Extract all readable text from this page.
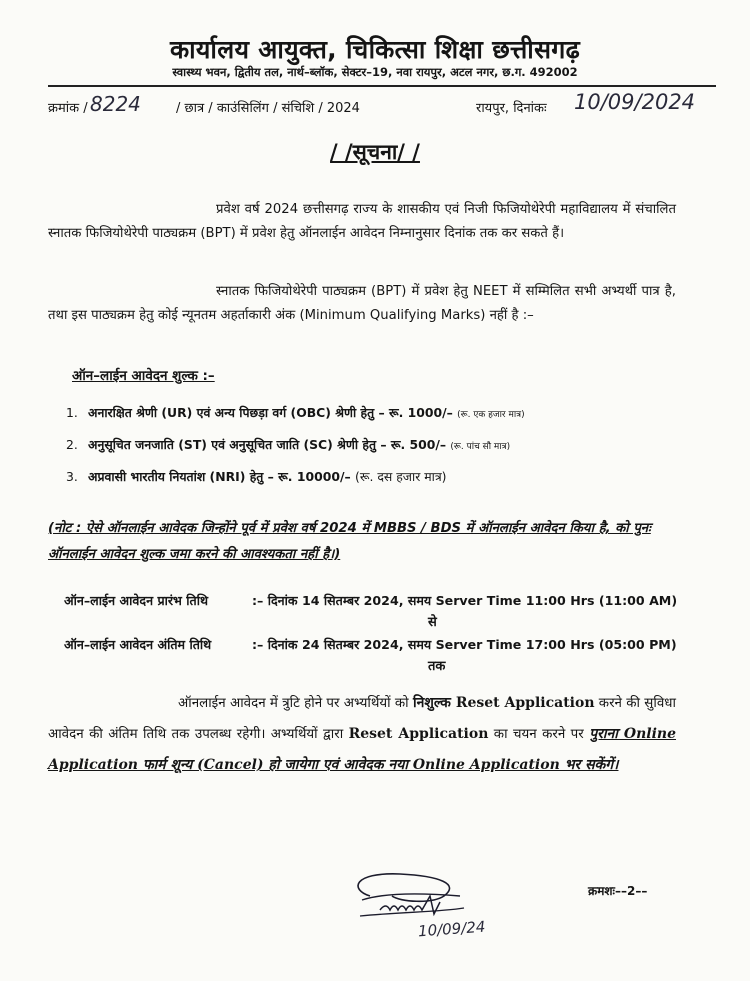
कार्यालय आयुक्त, चिकित्सा शिक्षा छत्तीसगढ़
स्वास्थ्य भवन, द्वितीय तल, नार्थ–ब्लॉक, सेक्टर–19, नवा रायपुर, अटल नगर, छ.ग. 492002
क्रमांक / 8224	/ छात्र / काउंसिलिंग / संचिशि / 2024	रायपुर, दिनांकः 10/09/2024
/ /सूचना/ /
प्रवेश वर्ष 2024 छत्तीसगढ़ राज्य के शासकीय एवं निजी फिजियोथेरेपी महाविद्यालय में संचालित स्नातक फिजियोथेरेपी पाठ्यक्रम (BPT) में प्रवेश हेतु ऑनलाईन आवेदन निम्नानुसार दिनांक तक कर सकते हैं।
स्नातक फिजियोथेरेपी पाठ्यक्रम (BPT) में प्रवेश हेतु NEET में सम्मिलित सभी अभ्यर्थी पात्र है, तथा इस पाठ्यक्रम हेतु कोई न्यूनतम अहर्ताकारी अंक (Minimum Qualifying Marks) नहीं है :–
ऑन–लाईन आवेदन शुल्क :–
1. अनारक्षित श्रेणी (UR) एवं अन्य पिछड़ा वर्ग (OBC) श्रेणी हेतु – रू. 1000/– (रू. एक हजार मात्र)
2. अनुसूचित जनजाति (ST) एवं अनुसूचित जाति (SC) श्रेणी हेतु – रू. 500/– (रू. पांच सौ मात्र)
3. अप्रवासी भारतीय नियतांश (NRI) हेतु – रू. 10000/– (रू. दस हजार मात्र)
(नोट : ऐसे ऑनलाईन आवेदक जिन्होंने पूर्व में प्रवेश वर्ष 2024 में MBBS / BDS में ऑनलाईन आवेदन किया है, को पुनः ऑनलाईन आवेदन शुल्क जमा करने की आवश्यकता नहीं है।)
ऑन–लाईन आवेदन प्रारंभ तिथि	:– दिनांक 14 सितम्बर 2024, समय Server Time 11:00 Hrs (11:00 AM)
से
ऑन–लाईन आवेदन अंतिम तिथि	:– दिनांक 24 सितम्बर 2024, समय Server Time 17:00 Hrs (05:00 PM)
तक
ऑनलाईन आवेदन में त्रुटि होने पर अभ्यर्थियों को निशुल्क Reset Application करने की सुविधा आवेदन की अंतिम तिथि तक उपलब्ध रहेगी। अभ्यर्थियों द्वारा Reset Application का चयन करने पर पुराना Online Application फार्म शून्य (Cancel) हो जायेगा एवं आवेदक नया Online Application भर सकेंगें।
10/09/24
क्रमशः––2––
